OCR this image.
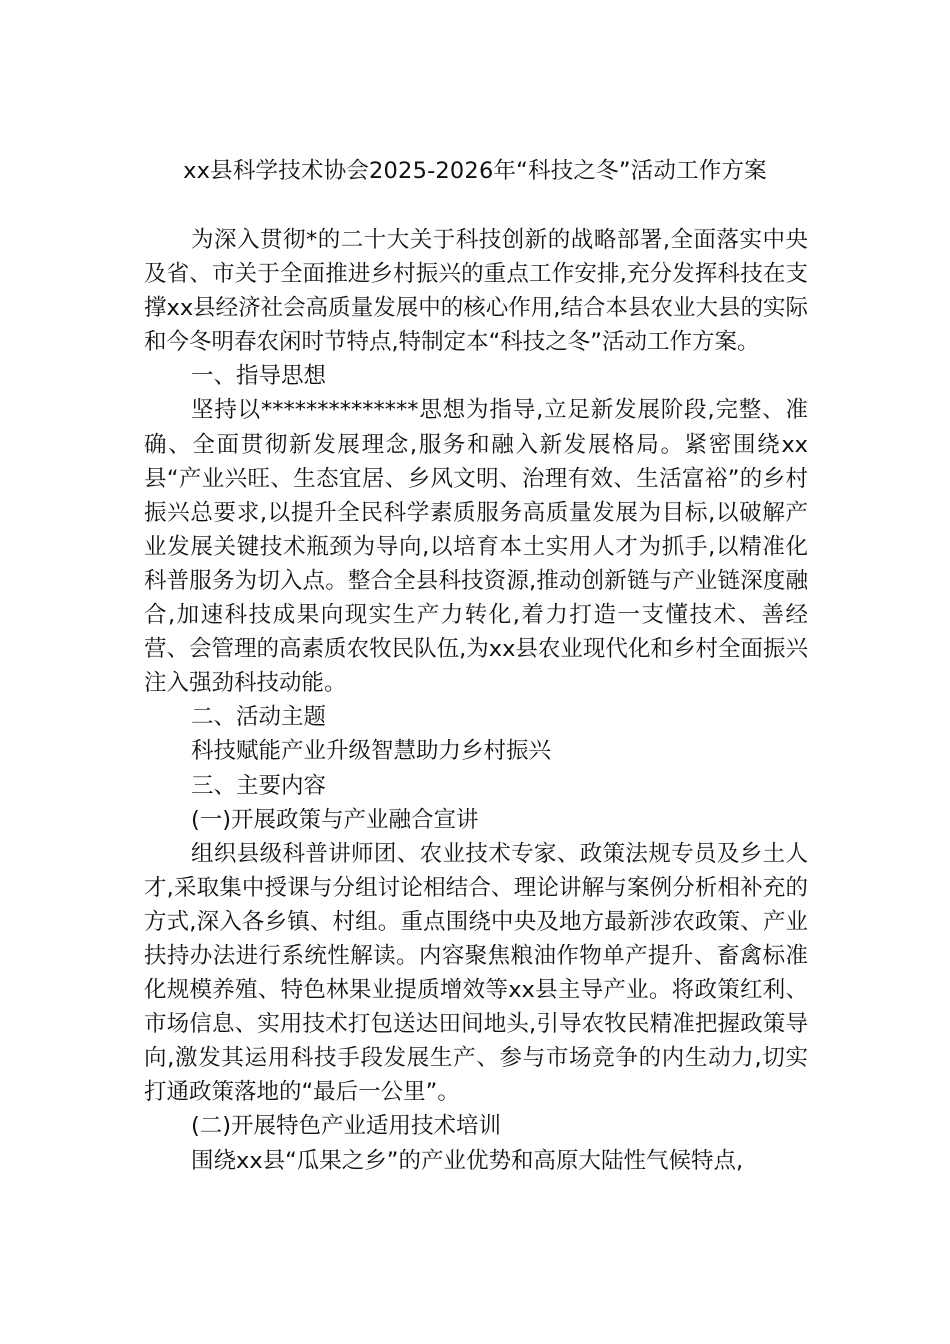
xx县科学技术协会2025-2026年“科技之冬”活动工作方案

为深入贯彻*的二十大关于科技创新的战略部署,全面落实中央及省、市关于全面推进乡村振兴的重点工作安排,充分发挥科技在支撑xx县经济社会高质量发展中的核心作用,结合本县农业大县的实际和今冬明春农闲时节特点,特制定本“科技之冬”活动工作方案。

一、指导思想

坚持以**************思想为指导,立足新发展阶段,完整、准确、全面贯彻新发展理念,服务和融入新发展格局。紧密围绕xx县“产业兴旺、生态宜居、乡风文明、治理有效、生活富裕”的乡村振兴总要求,以提升全民科学素质服务高质量发展为目标,以破解产业发展关键技术瓶颈为导向,以培育本土实用人才为抓手,以精准化科普服务为切入点。整合全县科技资源,推动创新链与产业链深度融合,加速科技成果向现实生产力转化,着力打造一支懂技术、善经营、会管理的高素质农牧民队伍,为xx县农业现代化和乡村全面振兴注入强劲科技动能。

二、活动主题

科技赋能产业升级智慧助力乡村振兴

三、主要内容

(一)开展政策与产业融合宣讲

组织县级科普讲师团、农业技术专家、政策法规专员及乡土人才,采取集中授课与分组讨论相结合、理论讲解与案例分析相补充的方式,深入各乡镇、村组。重点围绕中央及地方最新涉农政策、产业扶持办法进行系统性解读。内容聚焦粮油作物单产提升、畜禽标准化规模养殖、特色林果业提质增效等xx县主导产业。将政策红利、市场信息、实用技术打包送达田间地头,引导农牧民精准把握政策导向,激发其运用科技手段发展生产、参与市场竞争的内生动力,切实打通政策落地的“最后一公里”。

(二)开展特色产业适用技术培训

围绕xx县“瓜果之乡”的产业优势和高原大陆性气候特点,
